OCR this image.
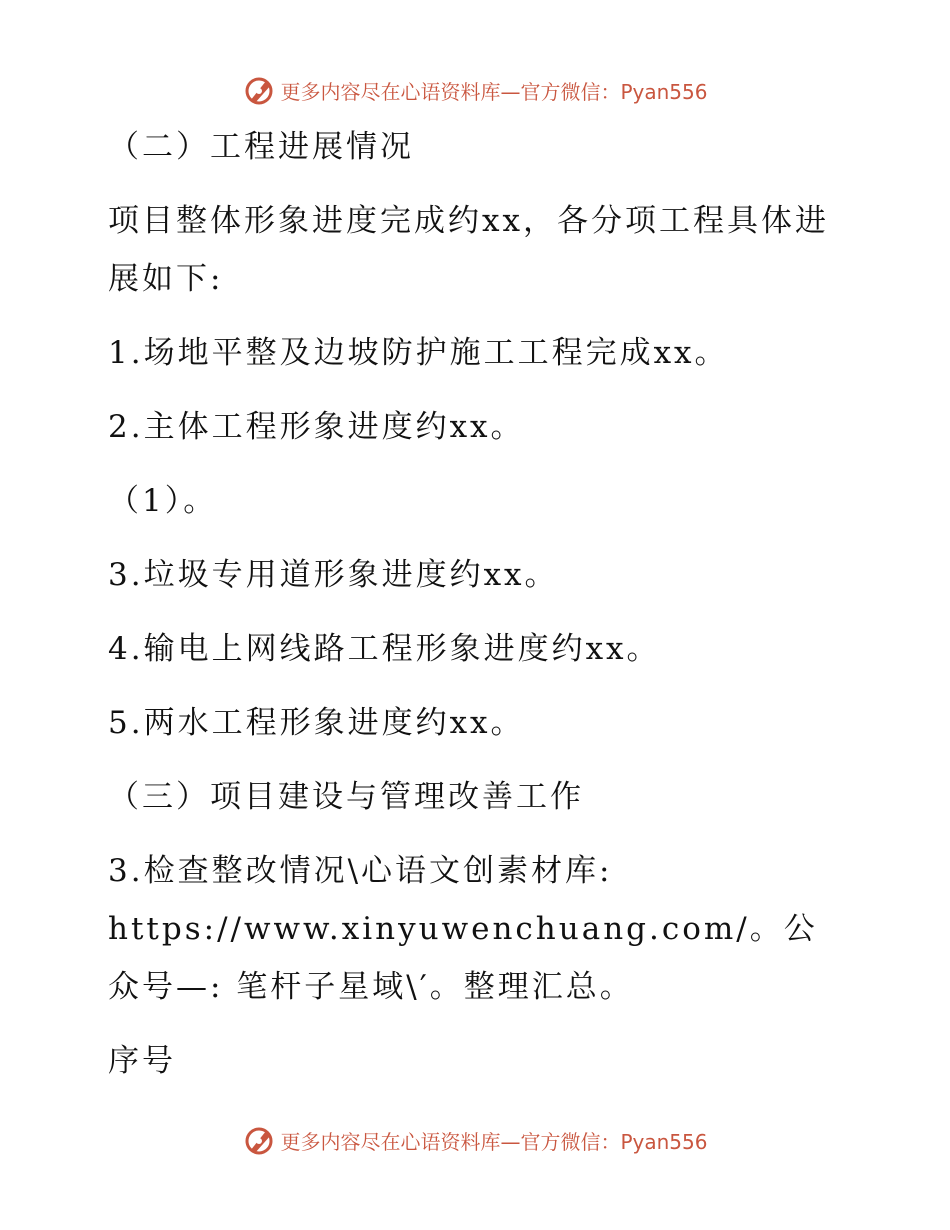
更多内容尽在心语资料库—官方微信：Pyan556

（二）工程进展情况

项目整体形象进度完成约xx，各分项工程具体进展如下:

1.场地平整及边坡防护施工工程完成xx。

2.主体工程形象进度约xx。

（1）。

3.垃圾专用道形象进度约xx。

4.输电上网线路工程形象进度约xx。

5.两水工程形象进度约xx。

（三）项目建设与管理改善工作

3.检查整改情况\心语文创素材库: https://www.xinyuwenchuang.com/。公众号—: 笔杆子星域\′。整理汇总。

序号

更多内容尽在心语资料库—官方微信：Pyan556
